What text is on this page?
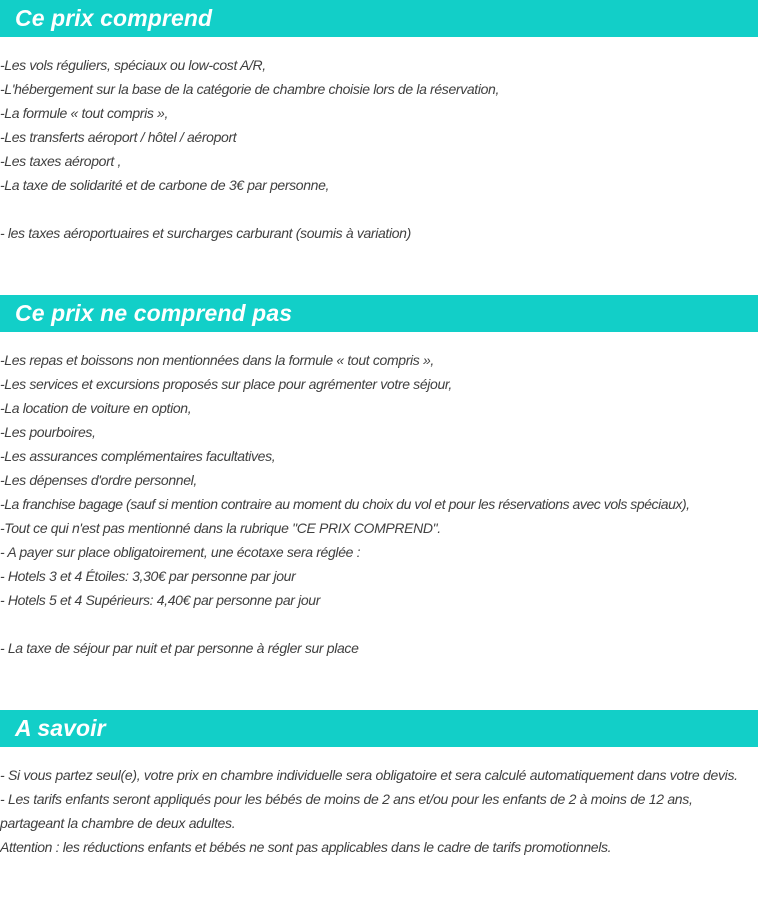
Ce prix comprend
-Les vols réguliers, spéciaux ou low-cost A/R,
-L'hébergement sur la base de la catégorie de chambre choisie lors de la réservation,
-La formule « tout compris »,
-Les transferts aéroport / hôtel / aéroport
-Les taxes aéroport ,
-La taxe de solidarité et de carbone de 3€ par personne,
- les taxes aéroportuaires et surcharges carburant (soumis à variation)
Ce prix ne comprend pas
-Les repas et boissons non mentionnées dans la formule « tout compris »,
-Les services et excursions proposés sur place pour agrémenter votre séjour,
-La location de voiture en option,
-Les pourboires,
-Les assurances complémentaires facultatives,
-Les dépenses d'ordre personnel,
-La franchise bagage (sauf si mention contraire au moment du choix du vol et pour les réservations avec vols spéciaux),
-Tout ce qui n'est pas mentionné dans la rubrique "CE PRIX COMPREND".
- A payer sur place obligatoirement, une écotaxe sera réglée :
- Hotels 3 et 4 Étoiles: 3,30€ par personne par jour
- Hotels 5 et 4 Supérieurs: 4,40€ par personne par jour
- La taxe de séjour par nuit et par personne à régler sur place
A savoir
- Si vous partez seul(e), votre prix en chambre individuelle sera obligatoire et sera calculé automatiquement dans votre devis.
- Les tarifs enfants seront appliqués pour les bébés de moins de 2 ans et/ou pour les enfants de 2 à moins de 12 ans, partageant la chambre de deux adultes.
Attention : les réductions enfants et bébés ne sont pas applicables dans le cadre de tarifs promotionnels.
